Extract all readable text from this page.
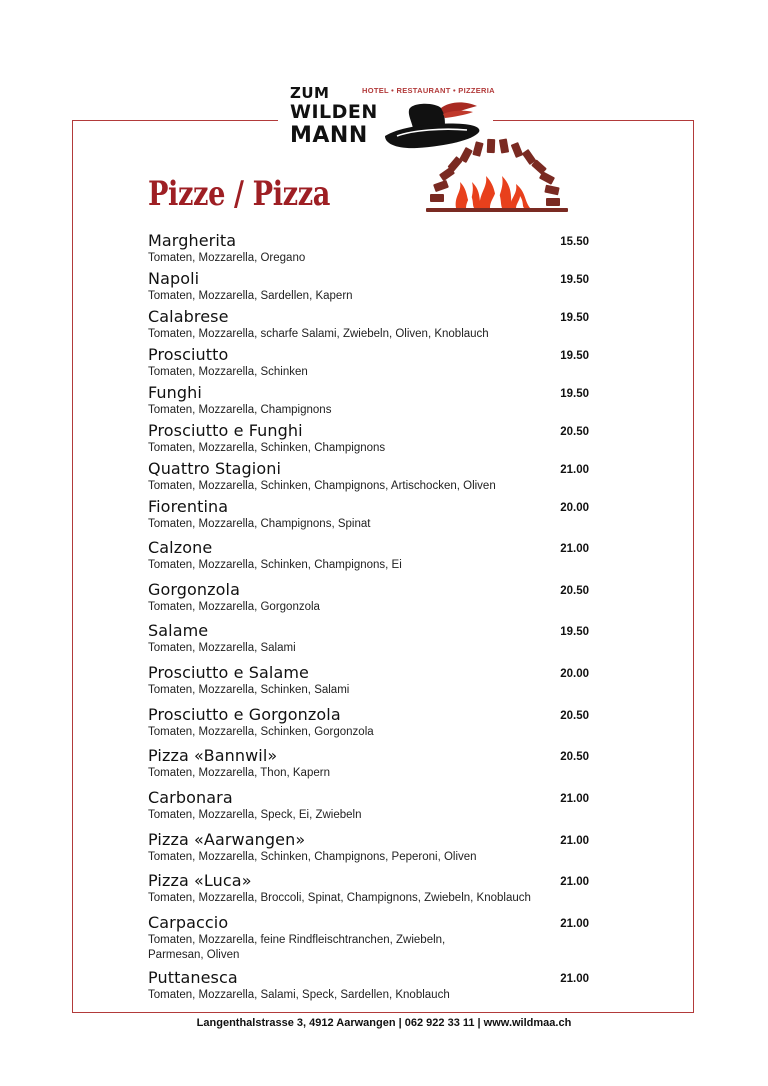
ZUM
WILDEN
MANN
HOTEL • RESTAURANT • PIZZERIA
Pizze / Pizza
Margherita
Tomaten, Mozzarella, Oregano
15.50
Napoli
Tomaten, Mozzarella, Sardellen, Kapern
19.50
Calabrese
Tomaten, Mozzarella, scharfe Salami, Zwiebeln, Oliven, Knoblauch
19.50
Prosciutto
Tomaten, Mozzarella, Schinken
19.50
Funghi
Tomaten, Mozzarella, Champignons
19.50
Prosciutto e Funghi
Tomaten, Mozzarella, Schinken, Champignons
20.50
Quattro Stagioni
Tomaten, Mozzarella, Schinken, Champignons, Artischocken, Oliven
21.00
Fiorentina
Tomaten, Mozzarella, Champignons, Spinat
20.00
Calzone
Tomaten, Mozzarella, Schinken, Champignons, Ei
21.00
Gorgonzola
Tomaten, Mozzarella, Gorgonzola
20.50
Salame
Tomaten, Mozzarella, Salami
19.50
Prosciutto e Salame
Tomaten, Mozzarella, Schinken, Salami
20.00
Prosciutto e Gorgonzola
Tomaten, Mozzarella, Schinken, Gorgonzola
20.50
Pizza «Bannwil»
Tomaten, Mozzarella, Thon, Kapern
20.50
Carbonara
Tomaten, Mozzarella, Speck, Ei, Zwiebeln
21.00
Pizza «Aarwangen»
Tomaten, Mozzarella, Schinken, Champignons, Peperoni, Oliven
21.00
Pizza «Luca»
Tomaten, Mozzarella, Broccoli, Spinat, Champignons, Zwiebeln, Knoblauch
21.00
Carpaccio
Tomaten, Mozzarella, feine Rindfleischtranchen, Zwiebeln, Parmesan, Oliven
21.00
Puttanesca
Tomaten, Mozzarella, Salami, Speck, Sardellen, Knoblauch
21.00
Langenthalstrasse 3, 4912 Aarwangen | 062 922 33 11 | www.wildmaa.ch
